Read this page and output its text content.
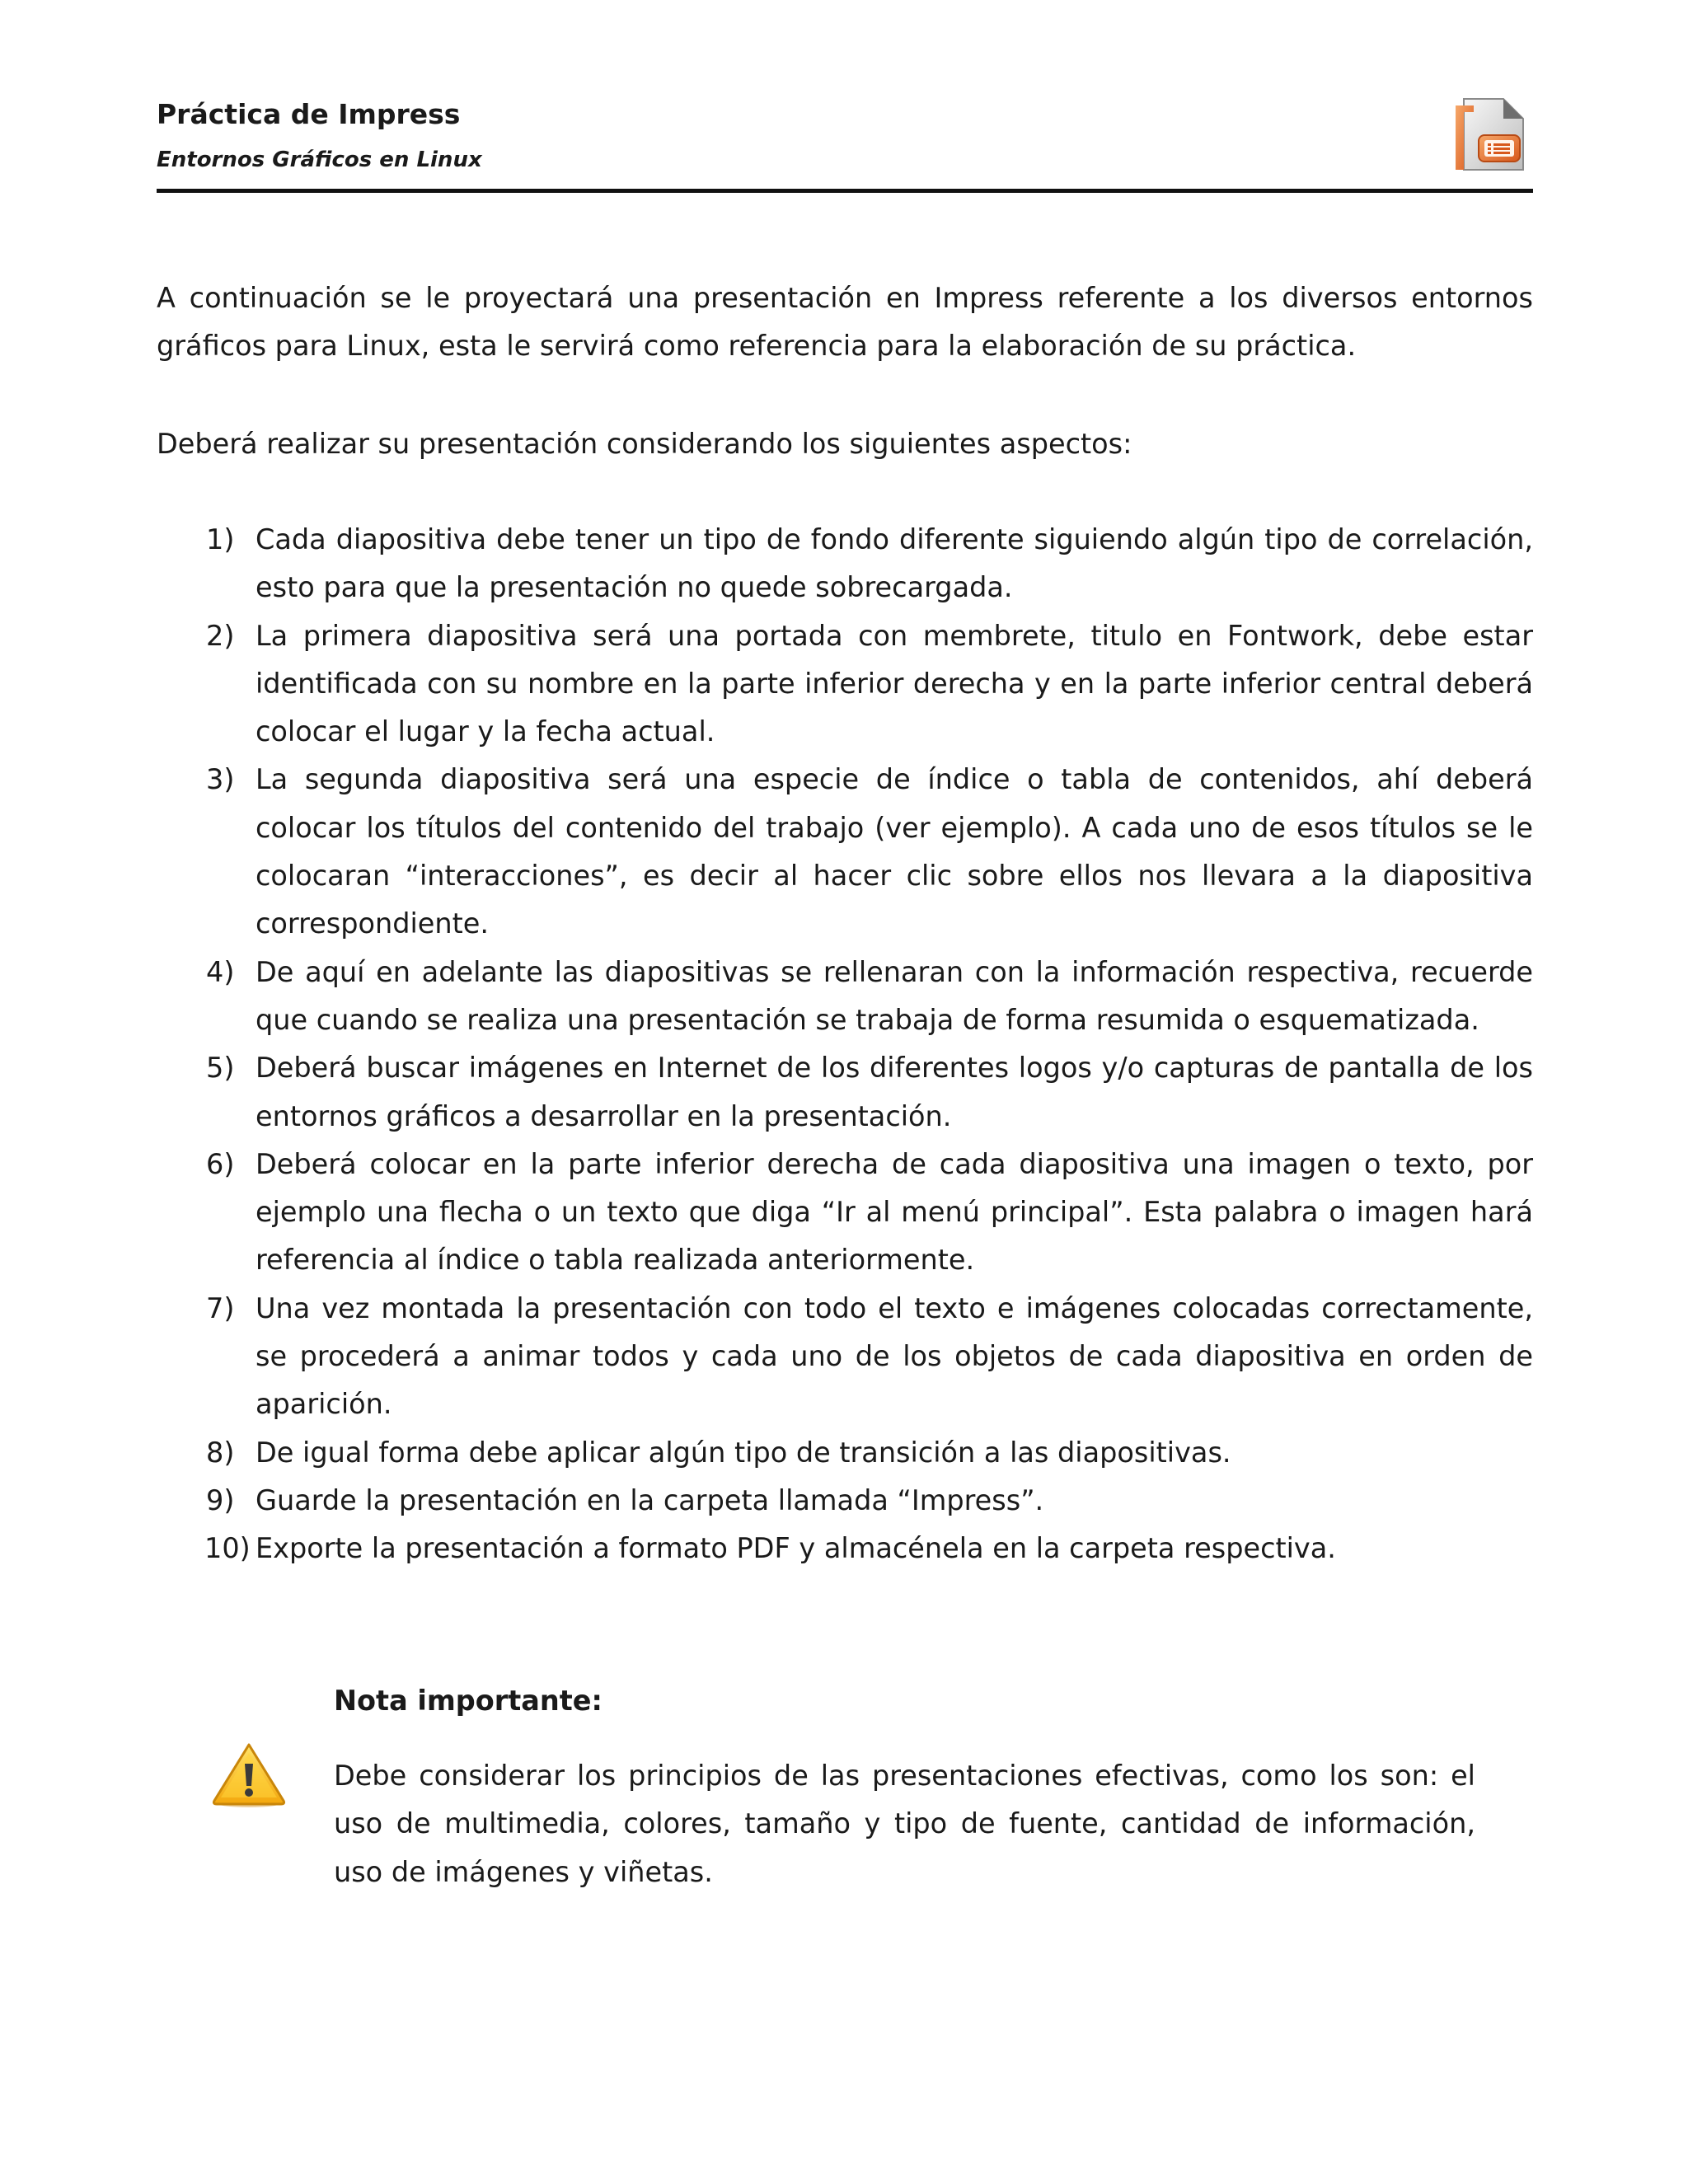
Práctica de Impress
Entornos Gráficos en Linux

A continuación se le proyectará una presentación en Impress referente a los diversos entornos gráficos para Linux, esta le servirá como referencia para la elaboración de su práctica.

Deberá realizar su presentación considerando los siguientes aspectos:

1) Cada diapositiva debe tener un tipo de fondo diferente siguiendo algún tipo de correlación, esto para que la presentación no quede sobrecargada.
2) La primera diapositiva será una portada con membrete, titulo en Fontwork, debe estar identificada con su nombre en la parte inferior derecha y en la parte inferior central deberá colocar el lugar y la fecha actual.
3) La segunda diapositiva será una especie de índice o tabla de contenidos, ahí deberá colocar los títulos del contenido del trabajo (ver ejemplo). A cada uno de esos títulos se le colocaran “interacciones”, es decir al hacer clic sobre ellos nos llevara a la diapositiva correspondiente.
4) De aquí en adelante las diapositivas se rellenaran con la información respectiva, recuerde que cuando se realiza una presentación se trabaja de forma resumida o esquematizada.
5) Deberá buscar imágenes en Internet de los diferentes logos y/o capturas de pantalla de los entornos gráficos a desarrollar en la presentación.
6) Deberá colocar en la parte inferior derecha de cada diapositiva una imagen o texto, por ejemplo una flecha o un texto que diga “Ir al menú principal”. Esta palabra o imagen hará referencia al índice o tabla realizada anteriormente.
7) Una vez montada la presentación con todo el texto e imágenes colocadas correctamente, se procederá a animar todos y cada uno de los objetos de cada diapositiva en orden de aparición.
8) De igual forma debe aplicar algún tipo de transición a las diapositivas.
9) Guarde la presentación en la carpeta llamada “Impress”.
10) Exporte la presentación a formato PDF y almacénela en la carpeta respectiva.
Nota importante:

Debe considerar los principios de las presentaciones efectivas, como los son: el uso de multimedia, colores, tamaño y tipo de fuente, cantidad de información, uso de imágenes y viñetas.
